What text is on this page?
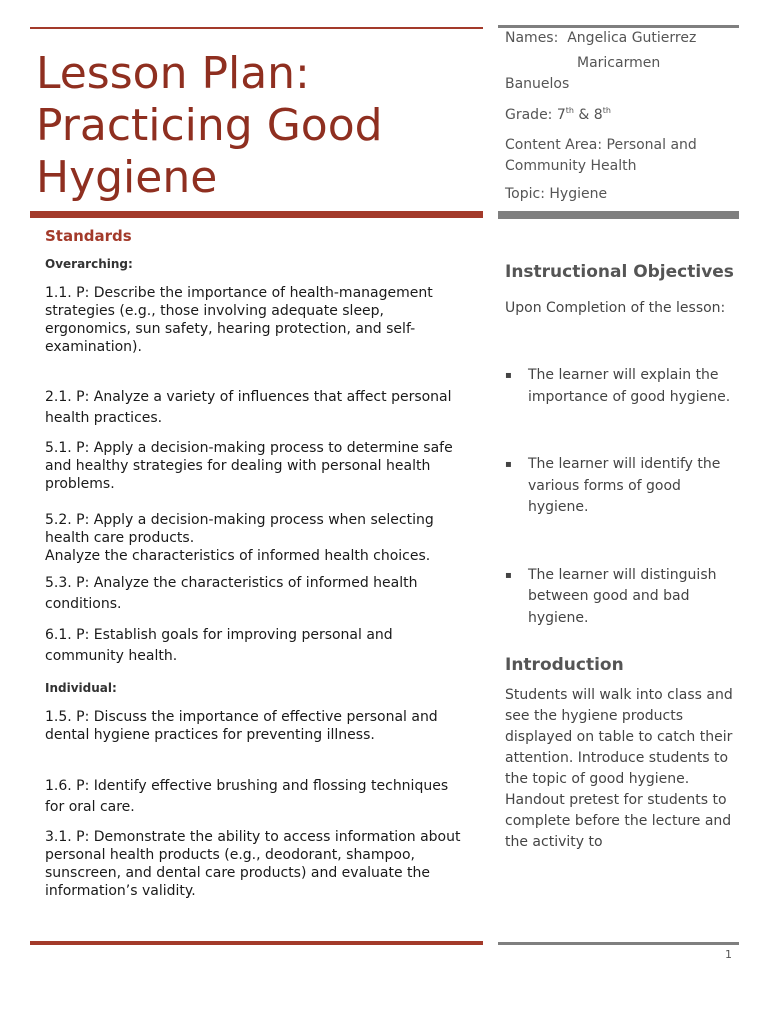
Lesson Plan: Practicing Good Hygiene

Names: Angelica Gutierrez

Maricarmen

Banuelos

Grade: 7th & 8th

Content Area: Personal and Community Health

Topic: Hygiene

Standards
Overarching:

1.1. P: Describe the importance of health-management strategies (e.g., those involving adequate sleep, ergonomics, sun safety, hearing protection, and self-examination).

2.1. P: Analyze a variety of influences that affect personal health practices.

5.1. P: Apply a decision-making process to determine safe and healthy strategies for dealing with personal health problems.

5.2. P: Apply a decision-making process when selecting health care products.

Analyze the characteristics of informed health choices.

5.3. P: Analyze the characteristics of informed health conditions.

6.1. P: Establish goals for improving personal and community health.

Individual:

1.5. P: Discuss the importance of effective personal and dental hygiene practices for preventing illness.

1.6. P: Identify effective brushing and flossing techniques for oral care.

3.1. P: Demonstrate the ability to access information about personal health products (e.g., deodorant, shampoo, sunscreen, and dental care products) and evaluate the information’s validity.

Instructional Objectives

Upon Completion of the lesson:

▪ The learner will explain the importance of good hygiene.
▪ The learner will identify the various forms of good hygiene.
▪ The learner will distinguish between good and bad hygiene.
Introduction

Students will walk into class and see the hygiene products displayed on table to catch their attention. Introduce students to the topic of good hygiene. Handout pretest for students to complete before the lecture and the activity to

1
